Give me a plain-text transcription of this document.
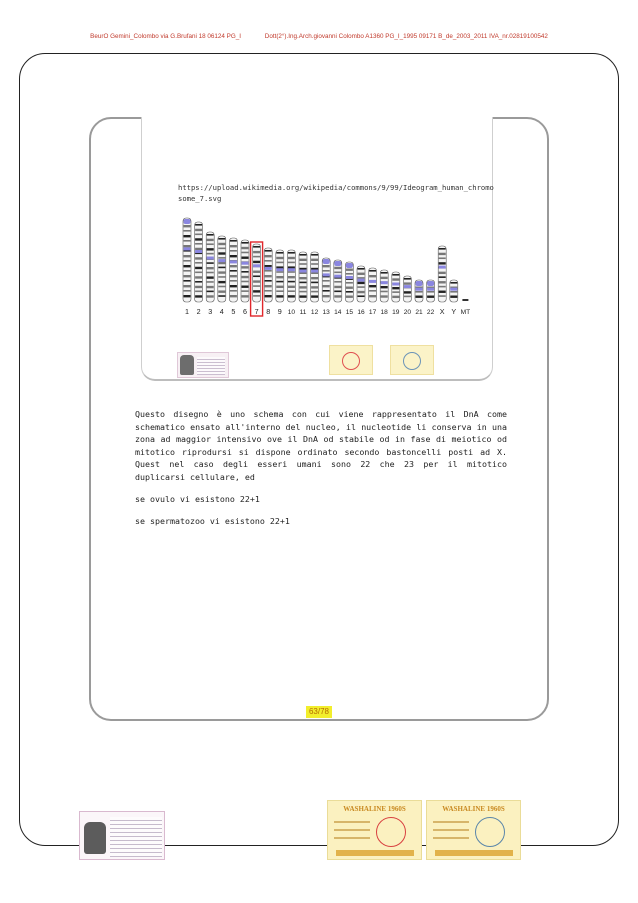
BeurO Gemini_Colombo via G.Brufani 18 06124 PG_I	Dott(2°).Ing.Arch.giovanni Colombo A1360 PG_I_1995 09171 B_de_2003_2011 IVA_nr.02819100542
https://upload.wikimedia.org/wikipedia/commons/9/99/Ideogram_human_chromosome_7.svg
1 2 3 4 5 6 7 8 9 10 11 12 13 14 15 16 17 18 19 20 21 22 X Y MT

Questo disegno è uno schema con cui viene rappresentato il DnA come schematico ensato all'interno del nucleo, il nucleotide li conserva in una zona ad maggior intensivo ove il DnA od stabile od in fase di meiotico od mitotico riprodursi si dispone ordinato secondo bastoncelli posti ad X. Quest nel caso degli esseri umani sono 22 che 23 per il mitotico duplicarsi cellulare, ed

se ovulo vi esistono 22+1

se spermatozoo vi esistono 22+1

63/78
WASHALINE 1960S	WASHALINE 1960S
